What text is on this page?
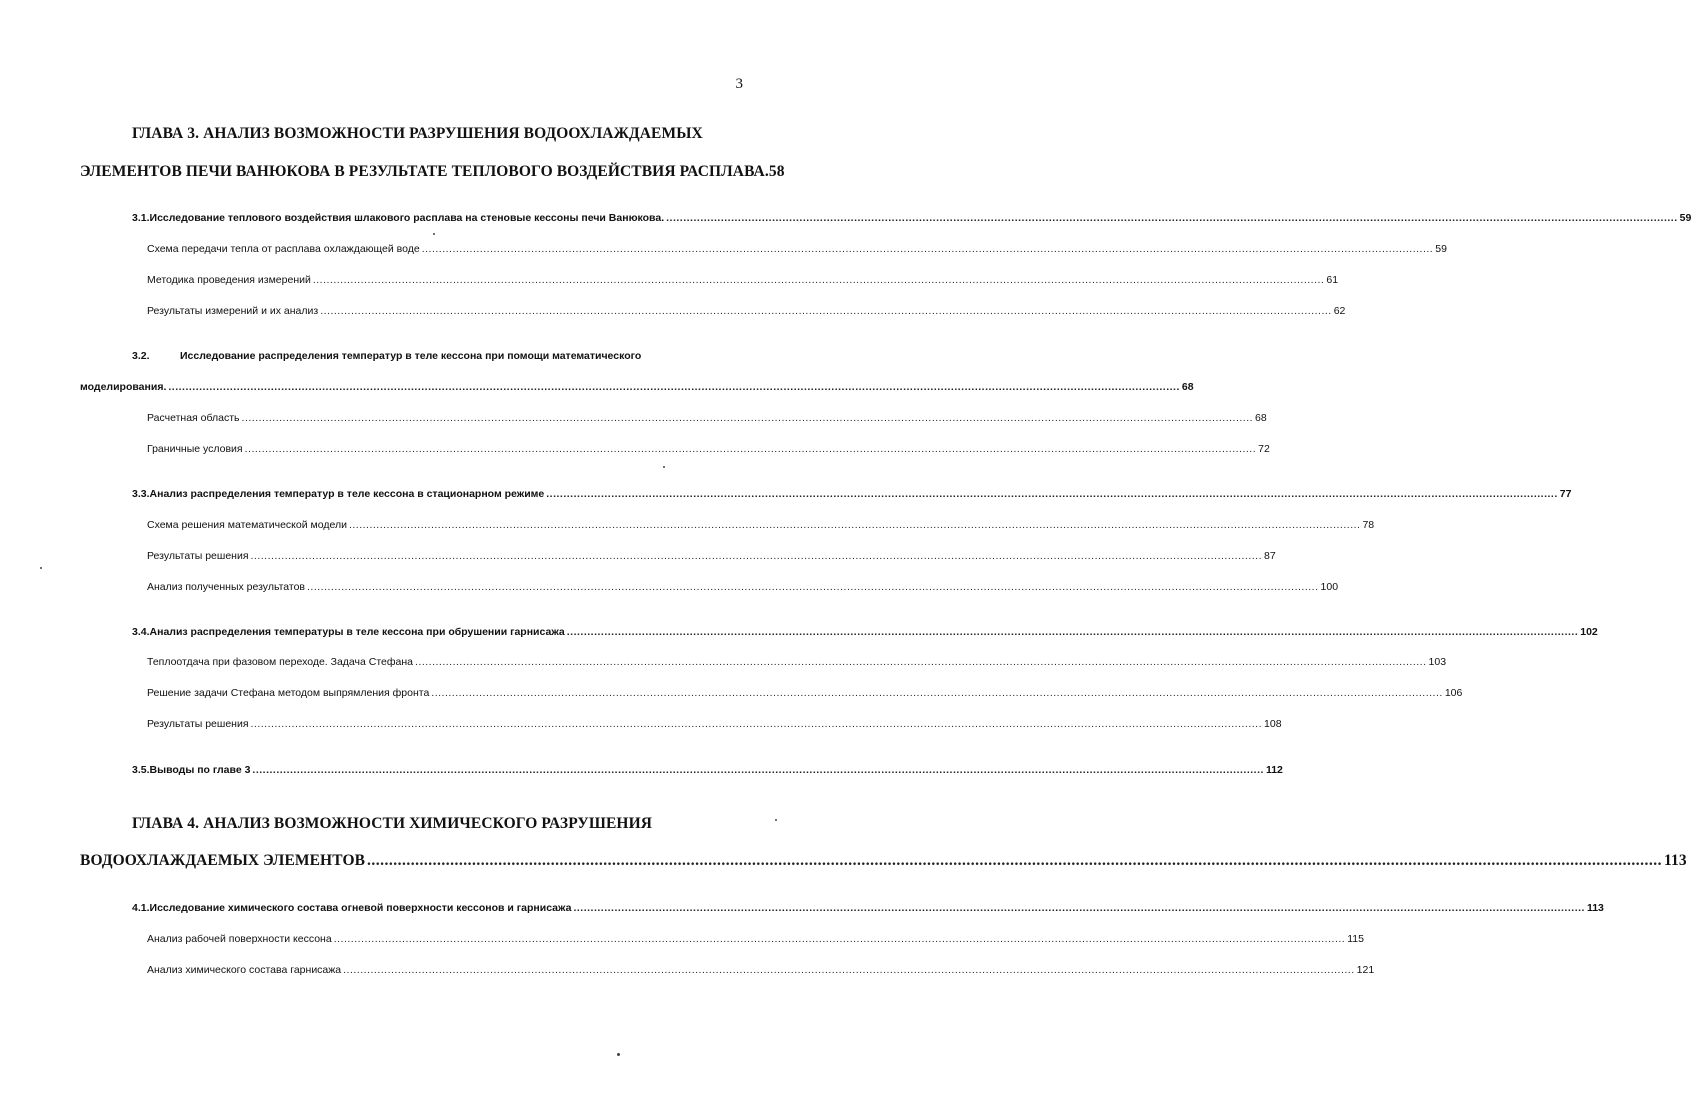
3
ГЛАВА 3. АНАЛИЗ ВОЗМОЖНОСТИ РАЗРУШЕНИЯ ВОДООХЛАЖДАЕМЫХ
ЭЛЕМЕНТОВ ПЕЧИ ВАНЮКОВА В РЕЗУЛЬТАТЕ ТЕПЛОВОГО ВОЗДЕЙСТВИЯ РАСПЛАВА. 58
3.1. Исследование теплового воздействия шлакового расплава на стеновые кессоны печи Ванюкова. .....	59
Схема передачи тепла от расплава охлаждающей воде .....	59
Методика проведения измерений .....	61
Результаты измерений и их анализ .....	62
3.2.	Исследование распределения температур в теле кессона при помощи математического
моделирования. .....	68
Расчетная область .....	68
Граничные условия .....	72
3.3. Анализ распределения температур в теле кессона в стационарном режиме .....	77
Схема решения математической модели .....	78
Результаты решения .....	87
Анализ полученных результатов .....	100
3.4. Анализ распределения температуры в теле кессона при обрушении гарнисажа .....	102
Теплоотдача при фазовом переходе. Задача Стефана .....	103
Решение задачи Стефана методом выпрямления фронта .....	106
Результаты решения .....	108
3.5. Выводы по главе 3 .....	112
ГЛАВА 4. АНАЛИЗ ВОЗМОЖНОСТИ ХИМИЧЕСКОГО РАЗРУШЕНИЯ
ВОДООХЛАЖДАЕМЫХ ЭЛЕМЕНТОВ .....	113
4.1. Исследование химического состава огневой поверхности кессонов и гарнисажа .....	113
Анализ рабочей поверхности кессона .....	115
Анализ химического состава гарнисажа .....	121
